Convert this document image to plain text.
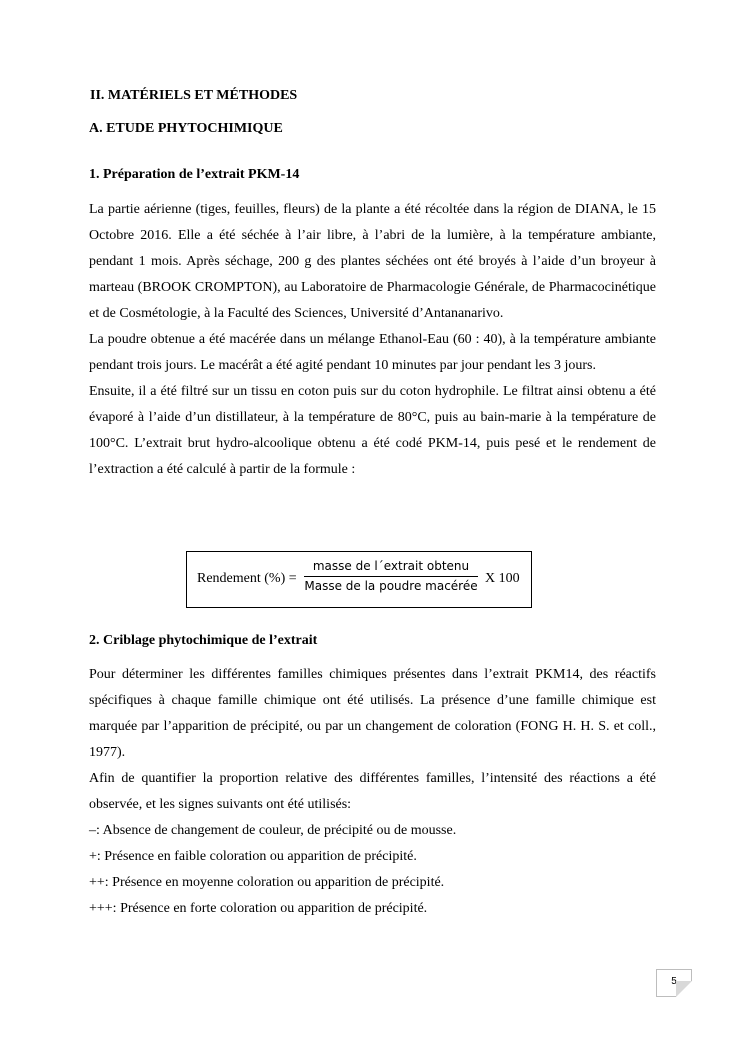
II. MATÉRIELS ET MÉTHODES
A. ETUDE PHYTOCHIMIQUE
1. Préparation de l’extrait PKM-14

La partie aérienne (tiges, feuilles, fleurs) de la plante a été récoltée dans la région de DIANA, le 15 Octobre 2016. Elle a été séchée à l’air libre, à l’abri de la lumière, à la température ambiante, pendant 1 mois. Après séchage, 200 g des plantes séchées ont été broyés à l’aide d’un broyeur à marteau (BROOK CROMPTON), au Laboratoire de Pharmacologie Générale, de Pharmacocinétique et de Cosmétologie, à la Faculté des Sciences, Université d’Antananarivo.

La poudre obtenue a été macérée dans un mélange Ethanol-Eau (60 : 40), à la température ambiante pendant trois jours. Le macérât a été agité pendant 10 minutes par jour pendant les 3 jours.

Ensuite, il a été filtré sur un tissu en coton puis sur du coton hydrophile. Le filtrat ainsi obtenu a été évaporé à l’aide d’un distillateur, à la température de 80°C, puis au bain-marie à la température de 100°C. L’extrait brut hydro-alcoolique obtenu a été codé PKM-14, puis pesé et le rendement de l’extraction a été calculé à partir de la formule :

Rendement (%) =
masse de l´extrait obtenu
Masse de la poudre macérée X 100
2. Criblage phytochimique de l’extrait

Pour déterminer les différentes familles chimiques présentes dans l’extrait PKM14, des réactifs spécifiques à chaque famille chimique ont été utilisés. La présence d’une famille chimique est marquée par l’apparition de précipité, ou par un changement de coloration (FONG H. H. S. et coll., 1977).

Afin de quantifier la proportion relative des différentes familles, l’intensité des réactions a été observée, et les signes suivants ont été utilisés:

–: Absence de changement de couleur, de précipité ou de mousse.

+: Présence en faible coloration ou apparition de précipité.

++: Présence en moyenne coloration ou apparition de précipité.

+++: Présence en forte coloration ou apparition de précipité.

5
